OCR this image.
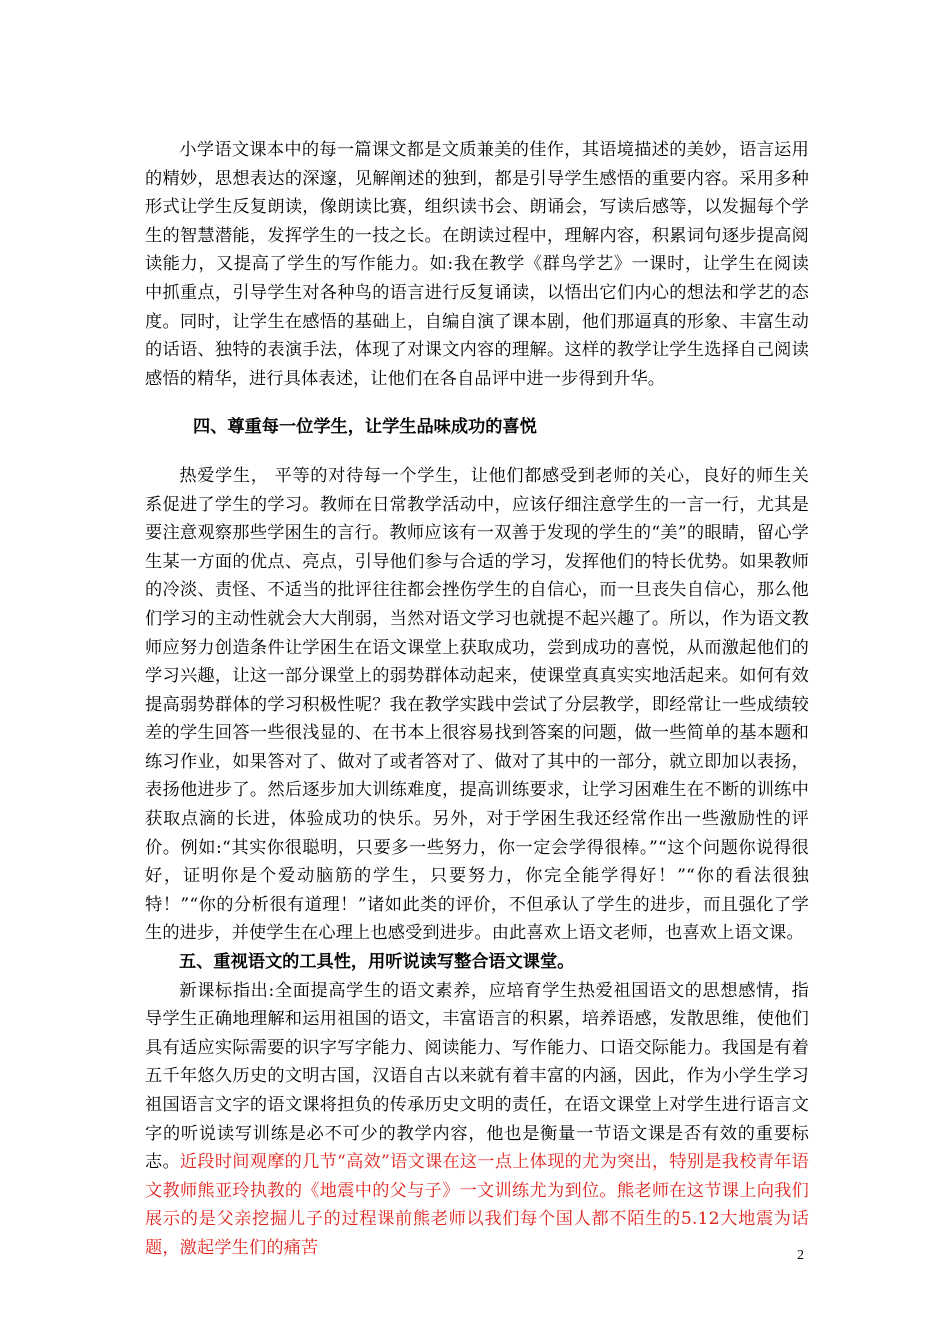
小学语文课本中的每一篇课文都是文质兼美的佳作，其语境描述的美妙，语言运用的精妙，思想表达的深邃，见解阐述的独到，都是引导学生感悟的重要内容。采用多种形式让学生反复朗读，像朗读比赛，组织读书会、朗诵会，写读后感等，以发掘每个学生的智慧潜能，发挥学生的一技之长。在朗读过程中，理解内容，积累词句逐步提高阅读能力，又提高了学生的写作能力。如:我在教学《群鸟学艺》一课时，让学生在阅读中抓重点，引导学生对各种鸟的语言进行反复诵读，以悟出它们内心的想法和学艺的态度。同时，让学生在感悟的基础上，自编自演了课本剧，他们那逼真的形象、丰富生动的话语、独特的表演手法，体现了对课文内容的理解。这样的教学让学生选择自己阅读感悟的精华，进行具体表述，让他们在各自品评中进一步得到升华。

四、尊重每一位学生，让学生品味成功的喜悦

热爱学生， 平等的对待每一个学生，让他们都感受到老师的关心，良好的师生关系促进了学生的学习。教师在日常教学活动中，应该仔细注意学生的一言一行，尤其是要注意观察那些学困生的言行。教师应该有一双善于发现的学生的“美”的眼睛，留心学生某一方面的优点、亮点，引导他们参与合适的学习，发挥他们的特长优势。如果教师的冷淡、责怪、不适当的批评往往都会挫伤学生的自信心，而一旦丧失自信心，那么他们学习的主动性就会大大削弱，当然对语文学习也就提不起兴趣了。所以，作为语文教师应努力创造条件让学困生在语文课堂上获取成功，尝到成功的喜悦，从而激起他们的学习兴趣，让这一部分课堂上的弱势群体动起来，使课堂真真实实地活起来。如何有效提高弱势群体的学习积极性呢？我在教学实践中尝试了分层教学，即经常让一些成绩较差的学生回答一些很浅显的、在书本上很容易找到答案的问题，做一些简单的基本题和练习作业，如果答对了、做对了或者答对了、做对了其中的一部分，就立即加以表扬，表扬他进步了。然后逐步加大训练难度，提高训练要求，让学习困难生在不断的训练中获取点滴的长进，体验成功的快乐。另外，对于学困生我还经常作出一些激励性的评价。例如:“其实你很聪明，只要多一些努力，你一定会学得很棒。”“这个问题你说得很好，证明你是个爱动脑筋的学生，只要努力，你完全能学得好！”“你的看法很独特！”“你的分析很有道理！”诸如此类的评价，不但承认了学生的进步，而且强化了学生的进步，并使学生在心理上也感受到进步。由此喜欢上语文老师，也喜欢上语文课。

五、重视语文的工具性，用听说读写整合语文课堂。

新课标指出:全面提高学生的语文素养，应培育学生热爱祖国语文的思想感情，指导学生正确地理解和运用祖国的语文，丰富语言的积累，培养语感，发散思维，使他们具有适应实际需要的识字写字能力、阅读能力、写作能力、口语交际能力。我国是有着五千年悠久历史的文明古国，汉语自古以来就有着丰富的内涵，因此，作为小学生学习祖国语言文字的语文课将担负的传承历史文明的责任，在语文课堂上对学生进行语言文字的听说读写训练是必不可少的教学内容，他也是衡量一节语文课是否有效的重要标志。近段时间观摩的几节“高效”语文课在这一点上体现的尤为突出，特别是我校青年语文教师熊亚玲执教的《地震中的父与子》一文训练尤为到位。熊老师在这节课上向我们展示的是父亲挖掘儿子的过程课前熊老师以我们每个国人都不陌生的5.12大地震为话题，激起学生们的痛苦	2
